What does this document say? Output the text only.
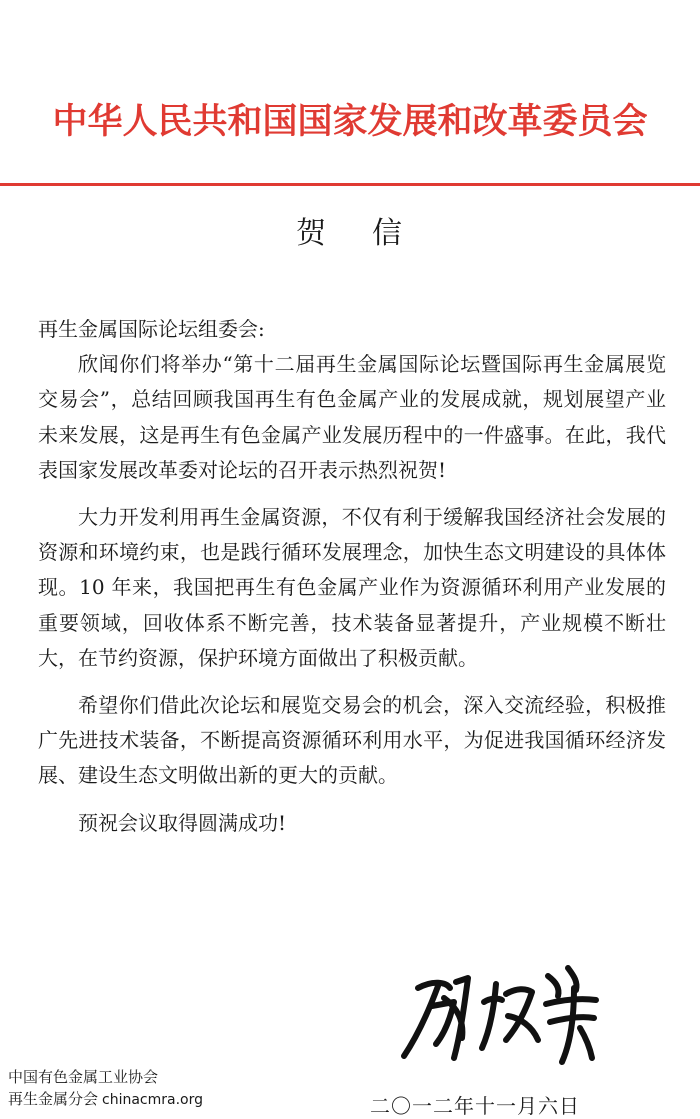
中华人民共和国国家发展和改革委员会
贺 信

再生金属国际论坛组委会:

欣闻你们将举办“第十二届再生金属国际论坛暨国际再生金属展览交易会”，总结回顾我国再生有色金属产业的发展成就，规划展望产业未来发展，这是再生有色金属产业发展历程中的一件盛事。在此，我代表国家发展改革委对论坛的召开表示热烈祝贺!

大力开发利用再生金属资源，不仅有利于缓解我国经济社会发展的资源和环境约束，也是践行循环发展理念，加快生态文明建设的具体体现。10 年来，我国把再生有色金属产业作为资源循环利用产业发展的重要领域，回收体系不断完善，技术装备显著提升，产业规模不断壮大，在节约资源，保护环境方面做出了积极贡献。

希望你们借此次论坛和展览交易会的机会，深入交流经验，积极推广先进技术装备，不断提高资源循环利用水平，为促进我国循环经济发展、建设生态文明做出新的更大的贡献。

预祝会议取得圆满成功!

二〇一二年十一月六日
中国有色金属工业协会
再生金属分会 chinacmra.org
